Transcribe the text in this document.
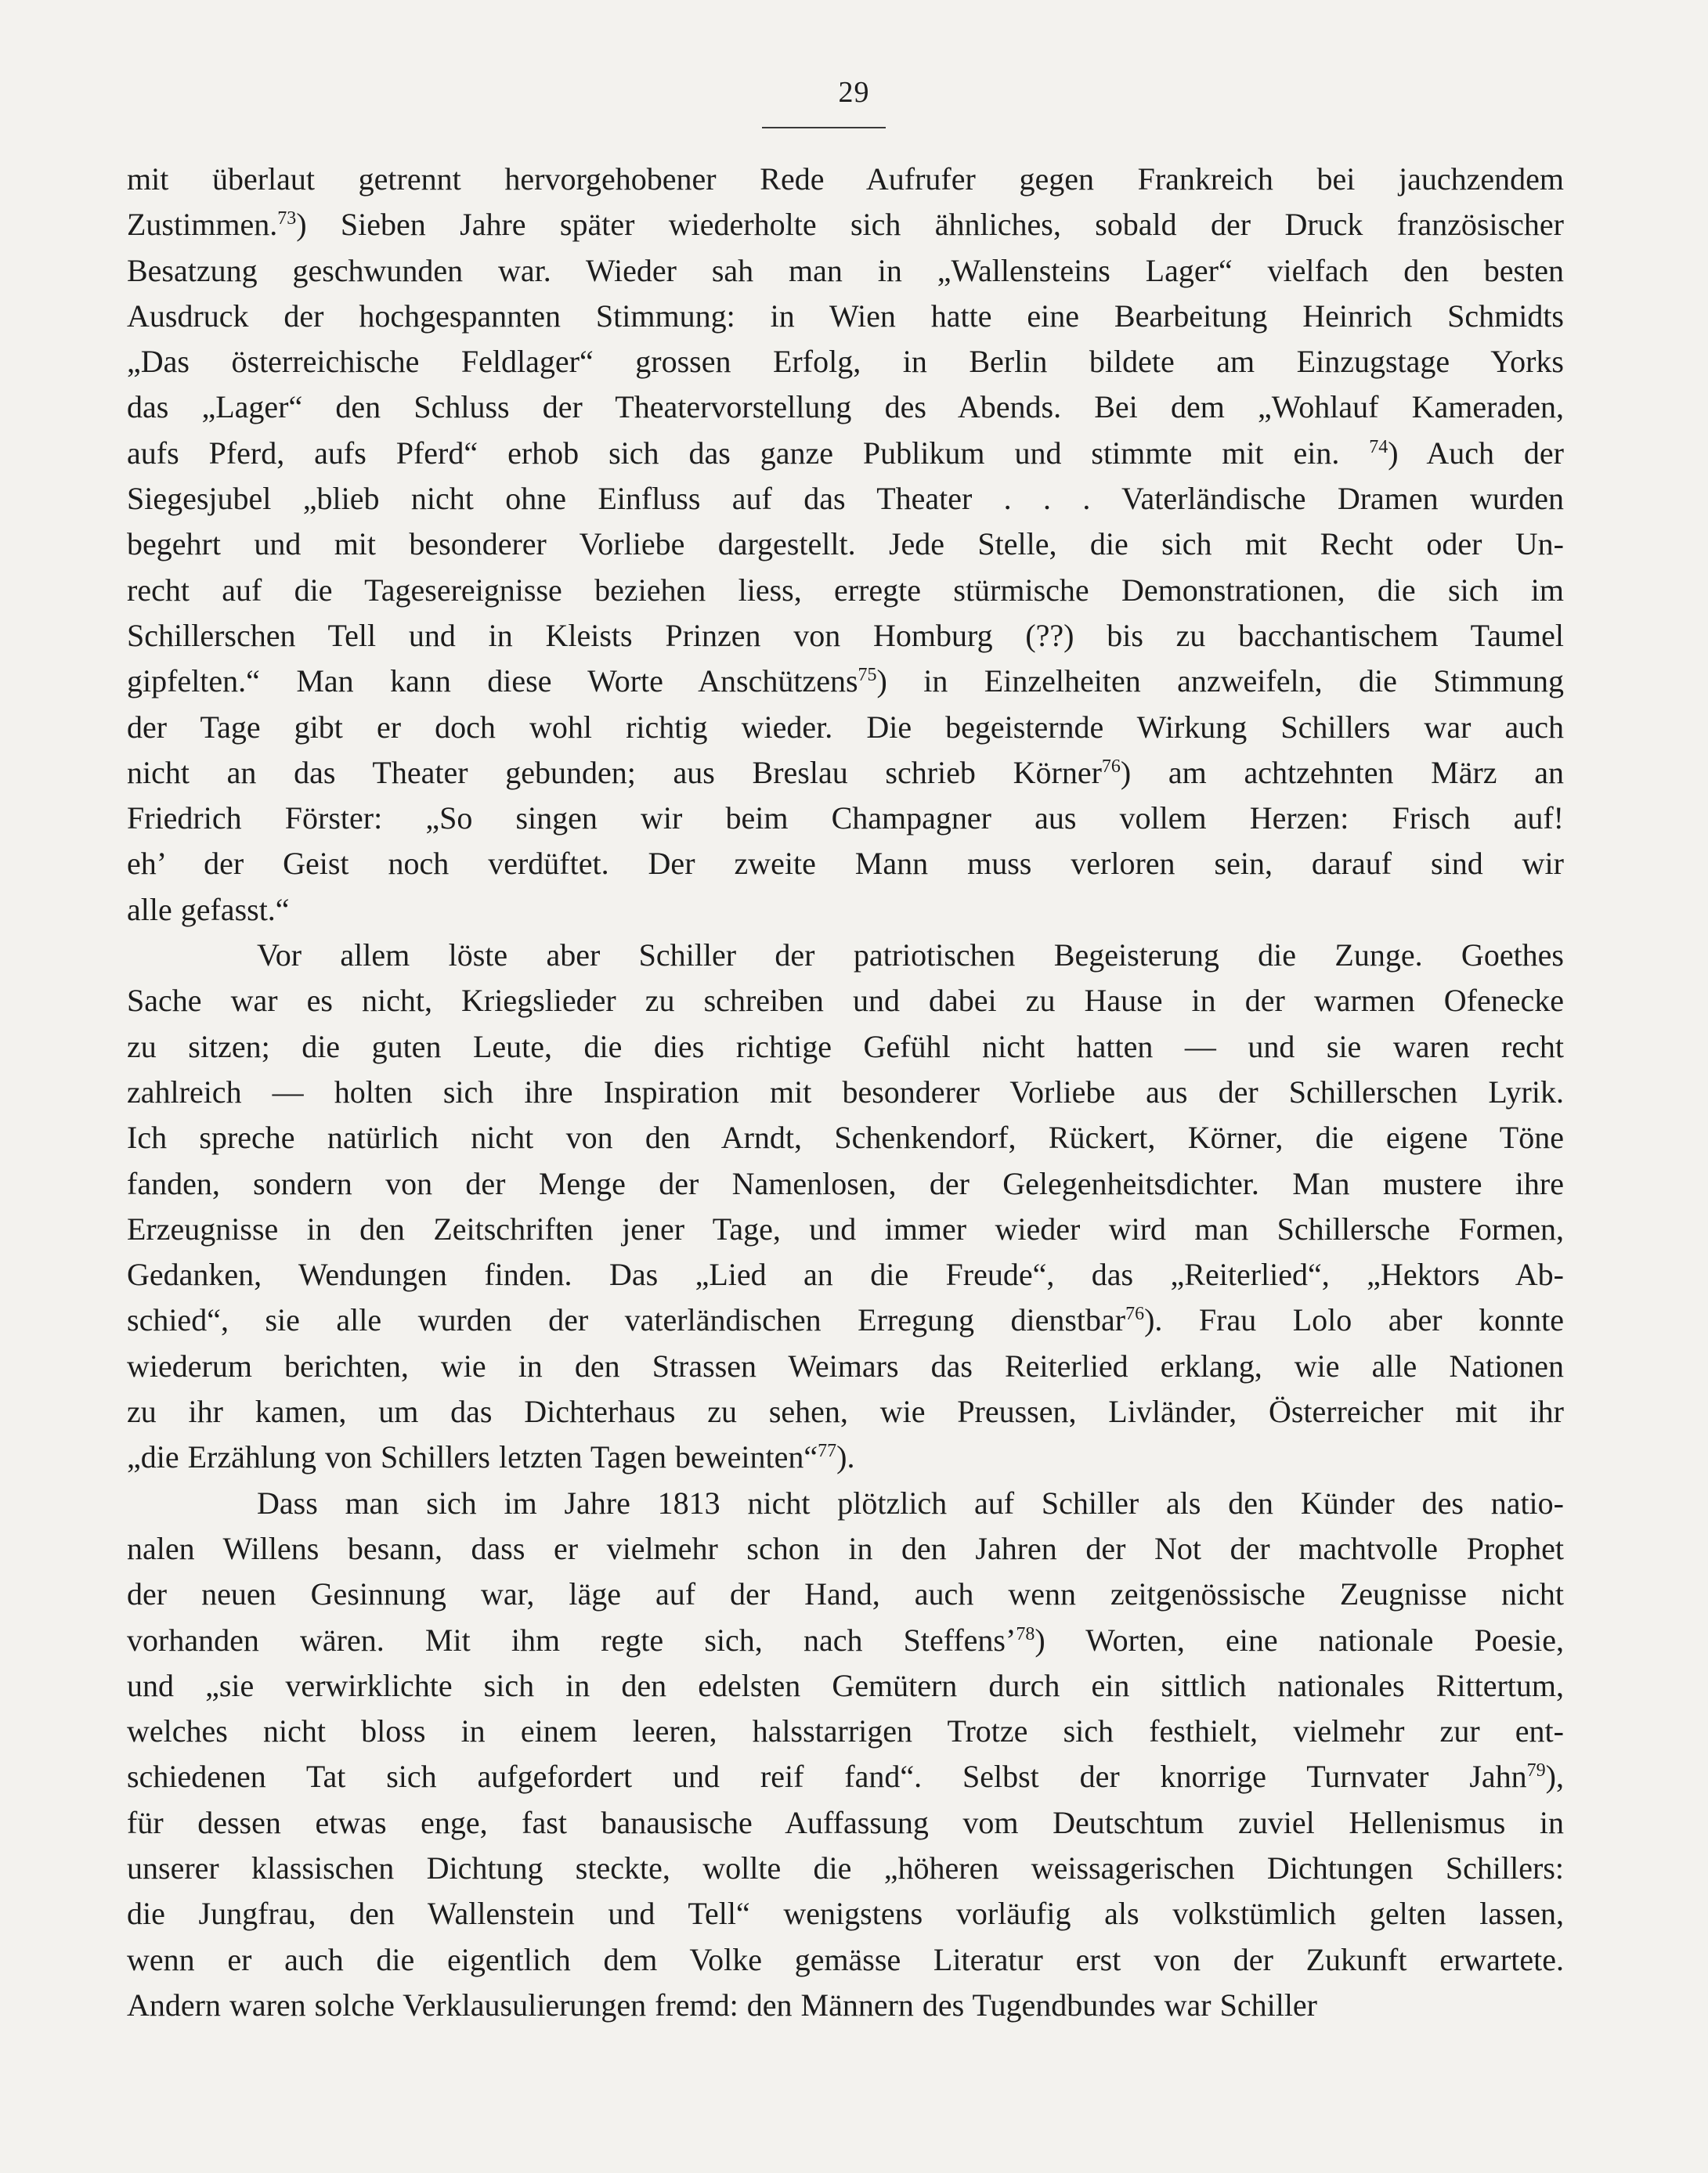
29
mit überlaut getrennt hervorgehobener Rede Aufrufer gegen Frankreich bei jauchzendem
Zustimmen.$^{73}$) Sieben Jahre später wiederholte sich ähnliches, sobald der Druck französischer
Besatzung geschwunden war. Wieder sah man in „Wallensteins Lager“ vielfach den besten
Ausdruck der hochgespannten Stimmung: in Wien hatte eine Bearbeitung Heinrich Schmidts
„Das österreichische Feldlager“ grossen Erfolg, in Berlin bildete am Einzugstage Yorks
das „Lager“ den Schluss der Theatervorstellung des Abends. Bei dem „Wohlauf Kameraden,
aufs Pferd, aufs Pferd“ erhob sich das ganze Publikum und stimmte mit ein. $^{74}$) Auch der
Siegesjubel „blieb nicht ohne Einfluss auf das Theater . . . Vaterländische Dramen wurden
begehrt und mit besonderer Vorliebe dargestellt. Jede Stelle, die sich mit Recht oder Un-
recht auf die Tagesereignisse beziehen liess, erregte stürmische Demonstrationen, die sich im
Schillerschen Tell und in Kleists Prinzen von Homburg (??) bis zu bacchantischem Taumel
gipfelten.“ Man kann diese Worte Anschützens$^{75}$) in Einzelheiten anzweifeln, die Stimmung
der Tage gibt er doch wohl richtig wieder. Die begeisternde Wirkung Schillers war auch
nicht an das Theater gebunden; aus Breslau schrieb Körner$^{76}$) am achtzehnten März an
Friedrich Förster: „So singen wir beim Champagner aus vollem Herzen: Frisch auf!
eh’ der Geist noch verdüftet. Der zweite Mann muss verloren sein, darauf sind wir
alle gefasst.“
Vor allem löste aber Schiller der patriotischen Begeisterung die Zunge. Goethes
Sache war es nicht, Kriegslieder zu schreiben und dabei zu Hause in der warmen Ofenecke
zu sitzen; die guten Leute, die dies richtige Gefühl nicht hatten — und sie waren recht
zahlreich — holten sich ihre Inspiration mit besonderer Vorliebe aus der Schillerschen Lyrik.
Ich spreche natürlich nicht von den Arndt, Schenkendorf, Rückert, Körner, die eigene Töne
fanden, sondern von der Menge der Namenlosen, der Gelegenheitsdichter. Man mustere ihre
Erzeugnisse in den Zeitschriften jener Tage, und immer wieder wird man Schillersche Formen,
Gedanken, Wendungen finden. Das „Lied an die Freude“, das „Reiterlied“, „Hektors Ab-
schied“, sie alle wurden der vaterländischen Erregung dienstbar$^{76}$). Frau Lolo aber konnte
wiederum berichten, wie in den Strassen Weimars das Reiterlied erklang, wie alle Nationen
zu ihr kamen, um das Dichterhaus zu sehen, wie Preussen, Livländer, Österreicher mit ihr
„die Erzählung von Schillers letzten Tagen beweinten“$^{77}$).
Dass man sich im Jahre 1813 nicht plötzlich auf Schiller als den Künder des natio-
nalen Willens besann, dass er vielmehr schon in den Jahren der Not der machtvolle Prophet
der neuen Gesinnung war, läge auf der Hand, auch wenn zeitgenössische Zeugnisse nicht
vorhanden wären. Mit ihm regte sich, nach Steffens’$^{78}$) Worten, eine nationale Poesie,
und „sie verwirklichte sich in den edelsten Gemütern durch ein sittlich nationales Rittertum,
welches nicht bloss in einem leeren, halsstarrigen Trotze sich festhielt, vielmehr zur ent-
schiedenen Tat sich aufgefordert und reif fand“. Selbst der knorrige Turnvater Jahn$^{79}$),
für dessen etwas enge, fast banausische Auffassung vom Deutschtum zuviel Hellenismus in
unserer klassischen Dichtung steckte, wollte die „höheren weissagerischen Dichtungen Schillers:
die Jungfrau, den Wallenstein und Tell“ wenigstens vorläufig als volkstümlich gelten lassen,
wenn er auch die eigentlich dem Volke gemässe Literatur erst von der Zukunft erwartete.
Andern waren solche Verklausulierungen fremd: den Männern des Tugendbundes war Schiller
